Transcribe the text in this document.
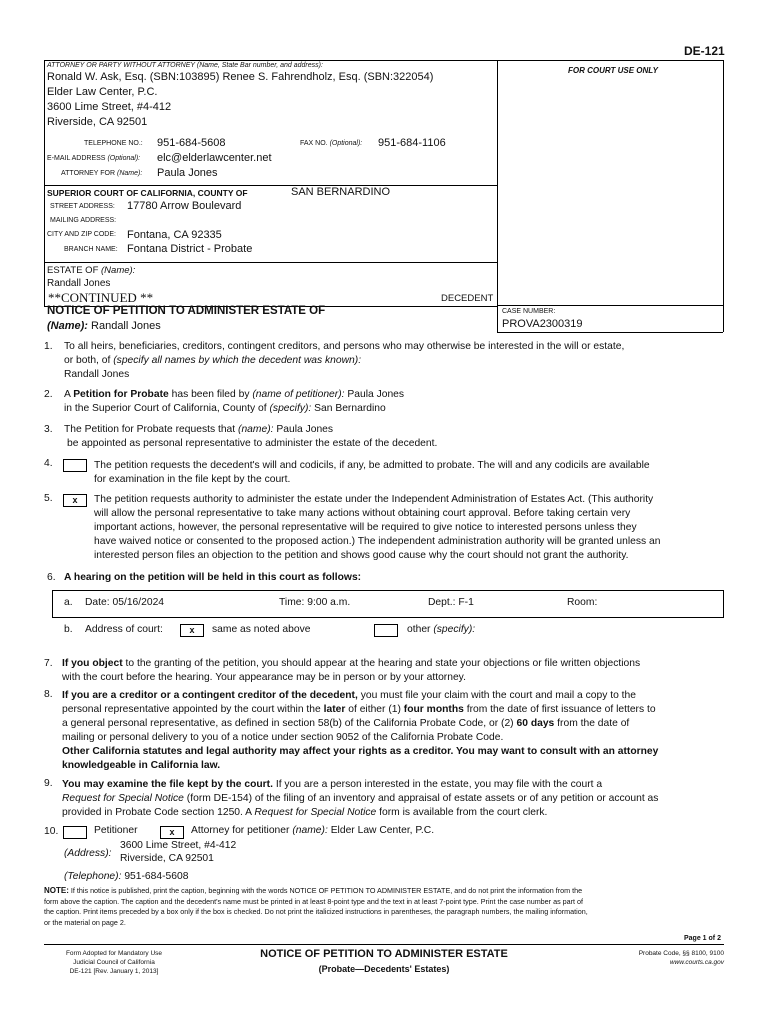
DE-121
ATTORNEY OR PARTY WITHOUT ATTORNEY (Name, State Bar number, and address):
FOR COURT USE ONLY
Ronald W. Ask, Esq. (SBN:103895) Renee S. Fahrendholz, Esq. (SBN:322054)
Elder Law Center, P.C.
3600 Lime Street, #4-412
Riverside, CA 92501
TELEPHONE NO.: 951-684-5608	FAX NO. (Optional): 951-684-1106
E-MAIL ADDRESS (Optional): elc@elderlawcenter.net
ATTORNEY FOR (Name): Paula Jones
SUPERIOR COURT OF CALIFORNIA, COUNTY OF	SAN BERNARDINO
STREET ADDRESS: 17780 Arrow Boulevard
MAILING ADDRESS:
CITY AND ZIP CODE: Fontana, CA 92335
BRANCH NAME: Fontana District - Probate
ESTATE OF (Name):
Randall Jones
**CONTINUED **	DECEDENT
NOTICE OF PETITION TO ADMINISTER ESTATE OF
(Name): Randall Jones
CASE NUMBER:
PROVA2300319
1. To all heirs, beneficiaries, creditors, contingent creditors, and persons who may otherwise be interested in the will or estate,
or both, of (specify all names by which the decedent was known):
Randall Jones
2. A Petition for Probate has been filed by (name of petitioner): Paula Jones
in the Superior Court of California, County of (specify): San Bernardino
3. The Petition for Probate requests that (name): Paula Jones
be appointed as personal representative to administer the estate of the decedent.
4.	The petition requests the decedent's will and codicils, if any, be admitted to probate. The will and any codicils are available
for examination in the file kept by the court.
5.	x	The petition requests authority to administer the estate under the Independent Administration of Estates Act. (This authority
will allow the personal representative to take many actions without obtaining court approval. Before taking certain very
important actions, however, the personal representative will be required to give notice to interested persons unless they
have waived notice or consented to the proposed action.) The independent administration authority will be granted unless an
interested person files an objection to the petition and shows good cause why the court should not grant the authority.
6. A hearing on the petition will be held in this court as follows:
a. Date: 05/16/2024	Time: 9:00 a.m.	Dept.: F-1	Room:
b. Address of court:	x	same as noted above	other (specify):
7. If you object to the granting of the petition, you should appear at the hearing and state your objections or file written objections
with the court before the hearing. Your appearance may be in person or by your attorney.
8. If you are a creditor or a contingent creditor of the decedent, you must file your claim with the court and mail a copy to the
personal representative appointed by the court within the later of either (1) four months from the date of first issuance of letters to
a general personal representative, as defined in section 58(b) of the California Probate Code, or (2) 60 days from the date of
mailing or personal delivery to you of a notice under section 9052 of the California Probate Code.
Other California statutes and legal authority may affect your rights as a creditor. You may want to consult with an attorney
knowledgeable in California law.
9. You may examine the file kept by the court. If you are a person interested in the estate, you may file with the court a
Request for Special Notice (form DE-154) of the filing of an inventory and appraisal of estate assets or of any petition or account as
provided in Probate Code section 1250. A Request for Special Notice form is available from the court clerk.
10.	Petitioner	x	Attorney for petitioner (name): Elder Law Center, P.C.
3600 Lime Street, #4-412
(Address): Riverside, CA 92501
(Telephone): 951-684-5608
NOTE: If this notice is published, print the caption, beginning with the words NOTICE OF PETITION TO ADMINISTER ESTATE, and do not print the information from the
form above the caption. The caption and the decedent's name must be printed in at least 8-point type and the text in at least 7-point type. Print the case number as part of
the caption. Print items preceded by a box only if the box is checked. Do not print the italicized instructions in parentheses, the paragraph numbers, the mailing information,
or the material on page 2.
Page 1 of 2
Form Adopted for Mandatory Use
Judicial Council of California
DE-121 [Rev. January 1, 2013]
NOTICE OF PETITION TO ADMINISTER ESTATE
(Probate—Decedents' Estates)
Probate Code, §§ 8100, 9100
www.courts.ca.gov
